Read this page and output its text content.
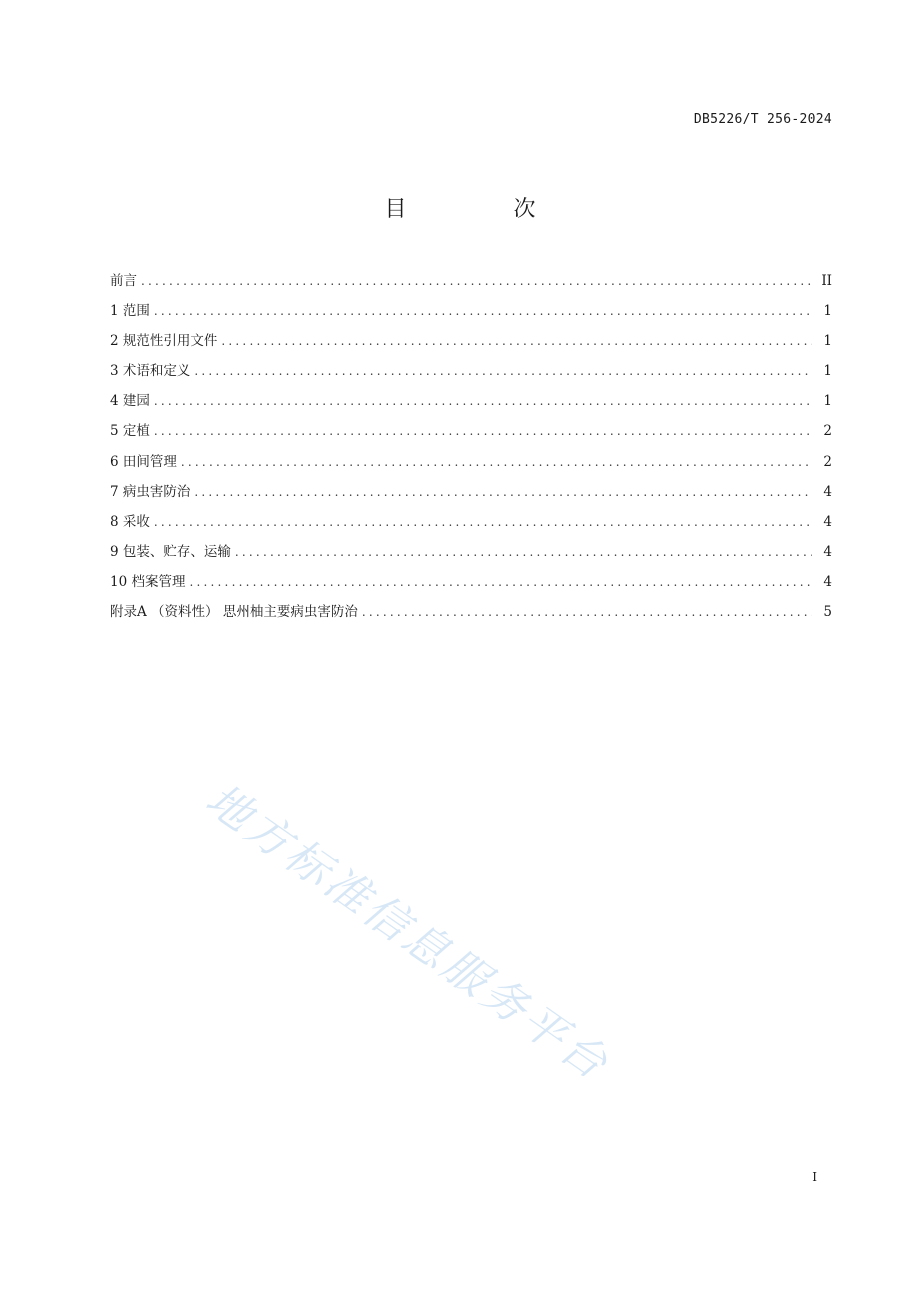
DB5226/T 256-2024
目 次
前言 .....	II
1 范围 .....	1
2 规范性引用文件 .....	1
3 术语和定义 .....	1
4 建园 .....	1
5 定植 .....	2
6 田间管理 .....	2
7 病虫害防治 .....	4
8 采收 .....	4
9 包装、贮存、运输 .....	4
10 档案管理 .....	4
附录A （资料性） 思州柚主要病虫害防治 .....	5
地方标准信息服务平台
I
